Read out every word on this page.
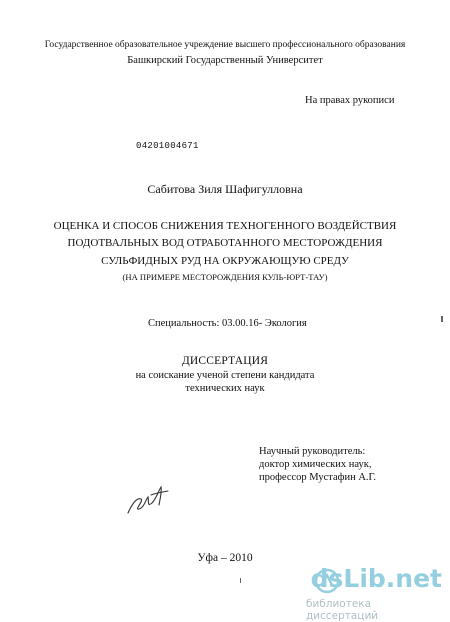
Государственное образовательное учреждение высшего профессионального образования
Башкирский Государственный Университет
На правах рукописи
04201004671
Сабитова Зиля Шафигулловна
ОЦЕНКА И СПОСОБ СНИЖЕНИЯ ТЕХНОГЕННОГО ВОЗДЕЙСТВИЯ
ПОДОТВАЛЬНЫХ ВОД ОТРАБОТАННОГО МЕСТОРОЖДЕНИЯ
СУЛЬФИДНЫХ РУД НА ОКРУЖАЮЩУЮ СРЕДУ
(НА ПРИМЕРЕ МЕСТОРОЖДЕНИЯ КУЛЬ-ЮРТ-ТАУ)
Специальность: 03.00.16- Экология
ДИССЕРТАЦИЯ
на соискание ученой степени кандидата
технических наук
Научный руководитель:
доктор химических наук,
профессор Мустафин А.Г.
Уфа – 2010
dsLib.net
библиотека диссертаций
